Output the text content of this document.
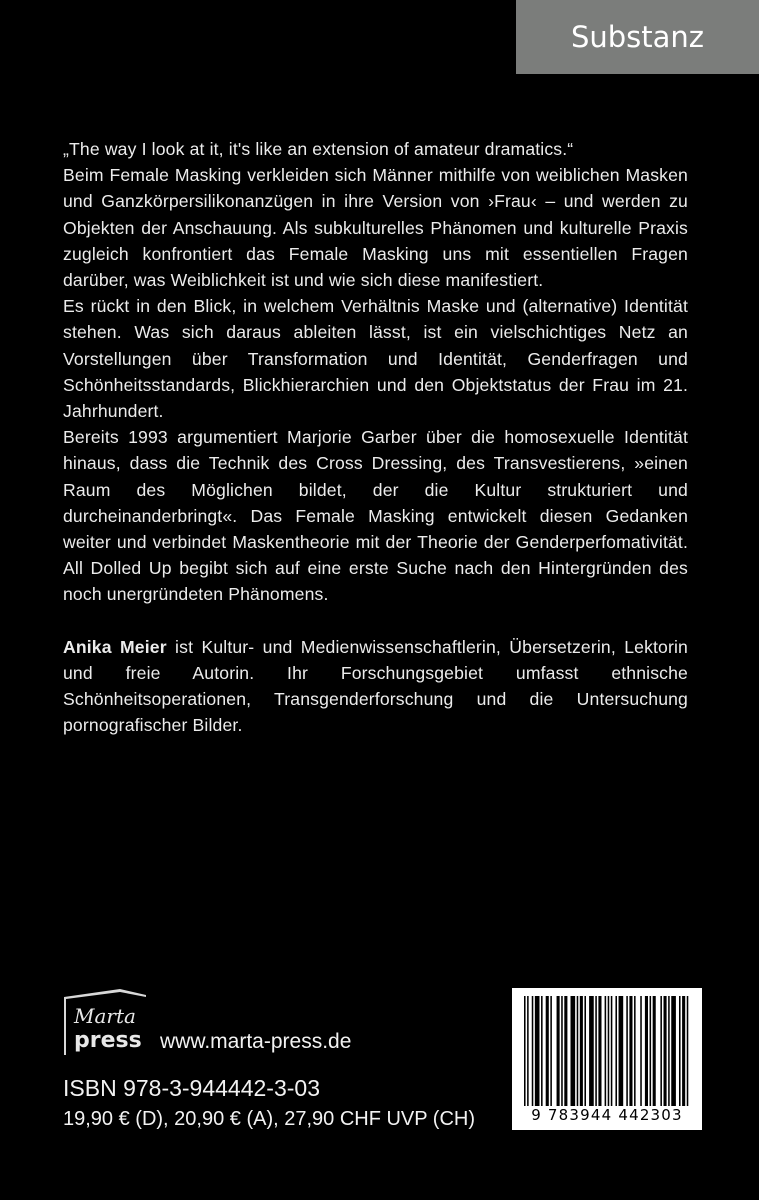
Substanz

„The way I look at it, it's like an extension of amateur dramatics.“

Beim Female Masking verkleiden sich Männer mithilfe von weiblichen Masken und Ganzkörpersilikonanzügen in ihre Version von ›Frau‹ – und werden zu Objekten der Anschauung. Als subkulturelles Phänomen und kulturelle Praxis zugleich konfrontiert das Female Masking uns mit essentiellen Fragen darüber, was Weiblichkeit ist und wie sich diese manifestiert.

Es rückt in den Blick, in welchem Verhältnis Maske und (alternative) Identität stehen. Was sich daraus ableiten lässt, ist ein vielschichtiges Netz an Vorstellungen über Transformation und Identität, Genderfragen und Schönheitsstandards, Blickhierarchien und den Objektstatus der Frau im 21. Jahrhundert.

Bereits 1993 argumentiert Marjorie Garber über die homosexuelle Identität hinaus, dass die Technik des Cross Dressing, des Transvestierens, »einen Raum des Möglichen bildet, der die Kultur strukturiert und durcheinanderbringt«. Das Female Masking entwickelt diesen Gedanken weiter und verbindet Maskentheorie mit der Theorie der Genderperfomativität. All Dolled Up begibt sich auf eine erste Suche nach den Hintergründen des noch unergründeten Phänomens.

Anika Meier ist Kultur- und Medienwissenschaftlerin, Übersetzerin, Lektorin und freie Autorin. Ihr Forschungsgebiet umfasst ethnische Schönheitsoperationen, Transgenderforschung und die Untersuchung pornografischer Bilder.

Marta
press www.marta-press.de
ISBN 978-3-944442-3-03
19,90 € (D), 20,90 € (A), 27,90 CHF UVP (CH)	9 783944 442303
